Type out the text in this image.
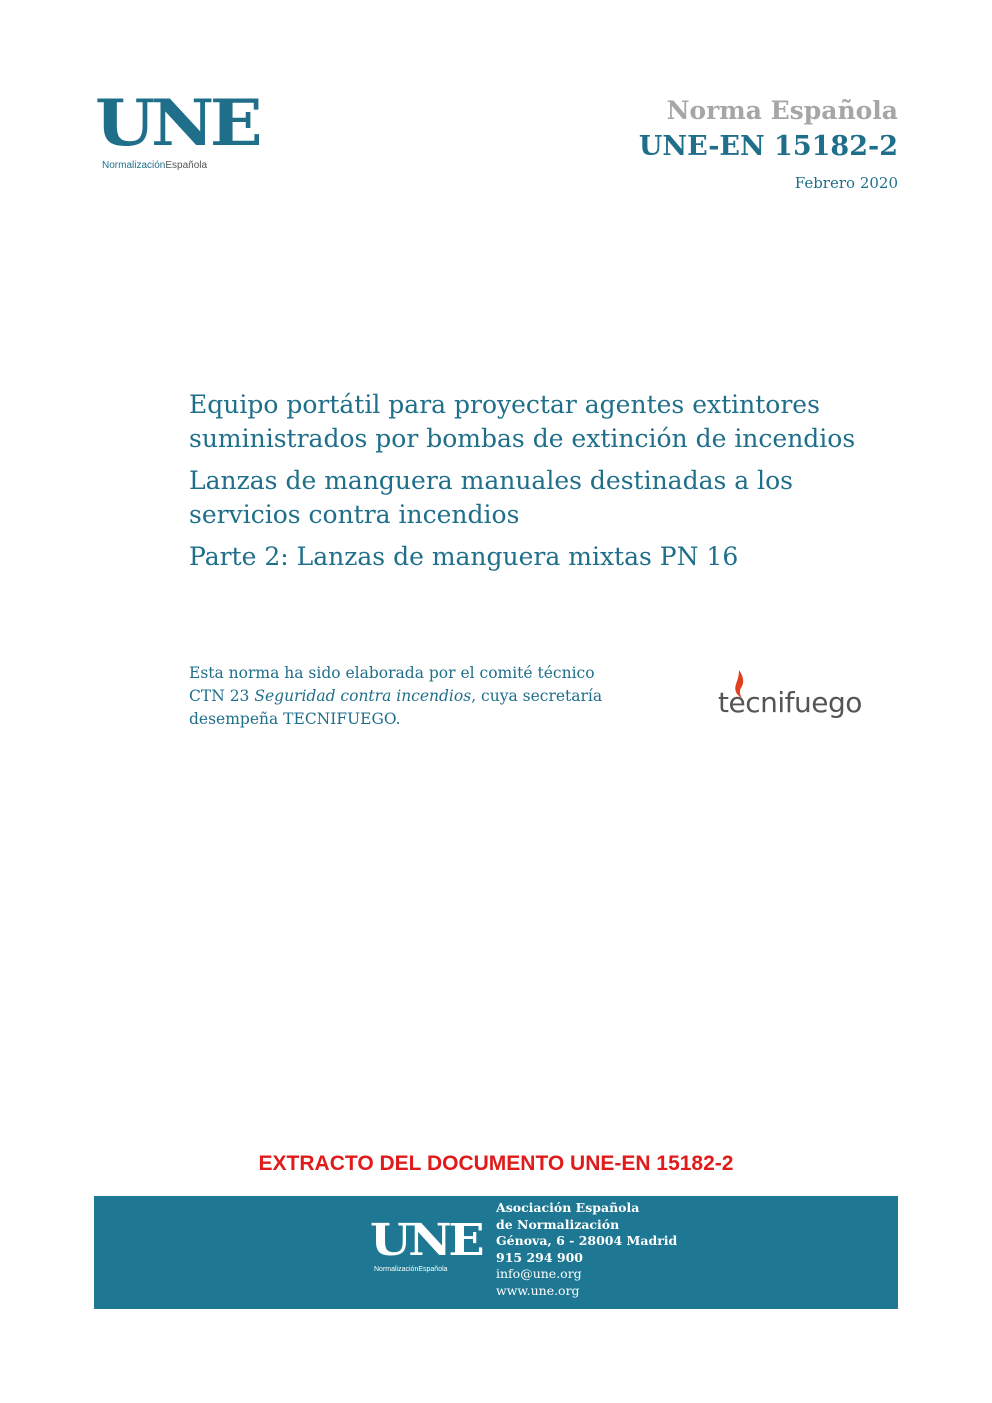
UNE
NormalizaciónEspañola
Norma Española
UNE-EN 15182-2
Febrero 2020
Equipo portátil para proyectar agentes extintores suministrados por bombas de extinción de incendios
Lanzas de manguera manuales destinadas a los servicios contra incendios
Parte 2: Lanzas de manguera mixtas PN 16
Esta norma ha sido elaborada por el comité técnico
CTN 23 Seguridad contra incendios, cuya secretaría
desempeña TECNIFUEGO.	tecnifuego
EXTRACTO DEL DOCUMENTO UNE-EN 15182-2
UNE
NormalizaciónEspañola
Asociación Española
de Normalización
Génova, 6 - 28004 Madrid
915 294 900
info@une.org
www.une.org
